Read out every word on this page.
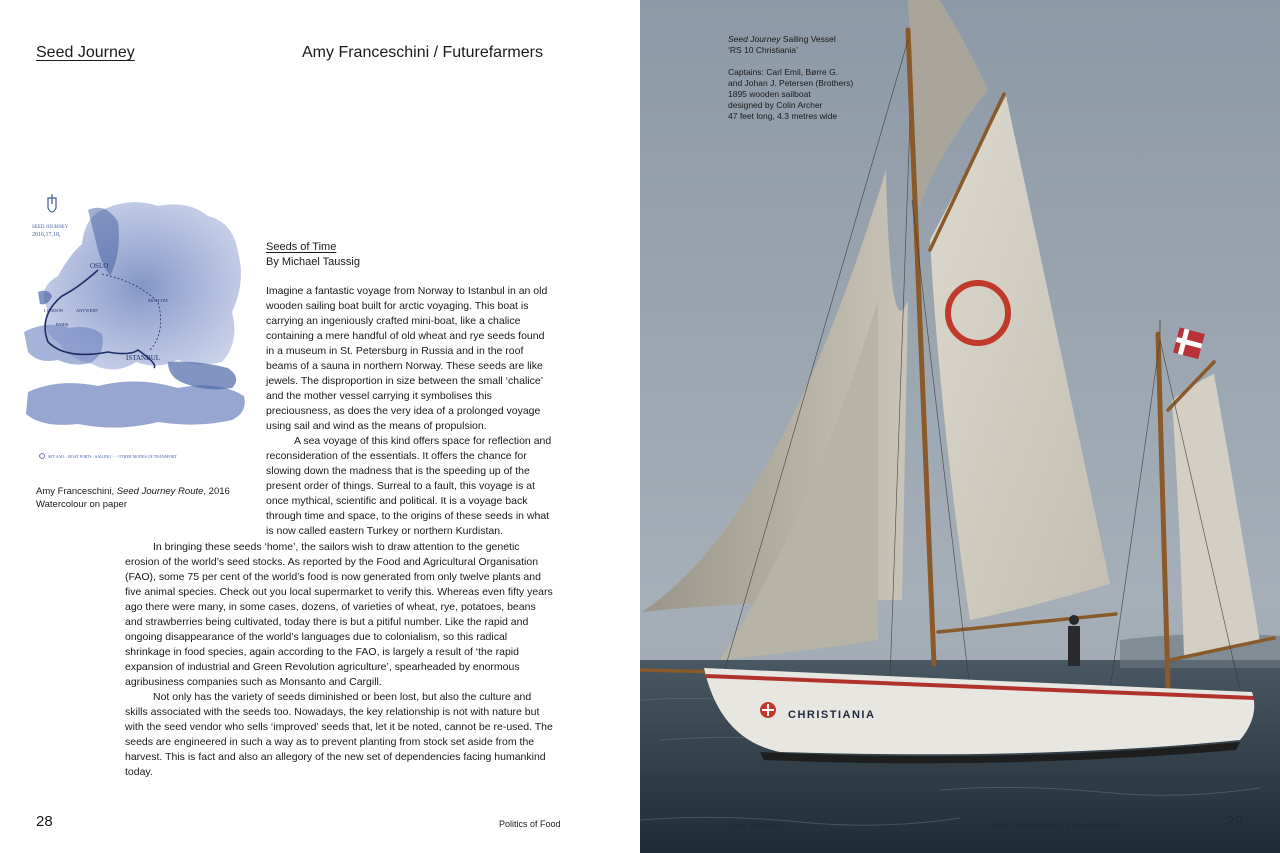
Seed Journey	Amy Franceschini / Futurefarmers
SEED JOURNEY
2016,17,18,
OSLO
MOSCOW
ANTWERP
LONDON
PARIS
ISTANBUL
SET SAIL · BOAT PORTS · SAILING ···· OTHER MODES OF TRANSPORT
Amy Franceschini, Seed Journey Route, 2016
Watercolour on paper
Seeds of Time
By Michael Taussig

Imagine a fantastic voyage from Norway to Istanbul in an old wooden sailing boat built for arctic voyaging. This boat is carrying an ingeniously crafted mini-boat, like a chalice containing a mere handful of old wheat and rye seeds found in a museum in St. Petersburg in Russia and in the roof beams of a sauna in northern Norway. These seeds are like jewels. The disproportion in size between the small ‘chalice’ and the mother vessel carrying it symbolises this preciousness, as does the very idea of a prolonged voyage using sail and wind as the means of propulsion.

A sea voyage of this kind offers space for reflection and reconsideration of the essentials. It offers the chance for slowing down the madness that is the speeding up of the present order of things. Surreal to a fault, this voyage is at once mythical, scientific and political. It is a voyage back through time and space, to the origins of these seeds in what is now called eastern Turkey or northern Kurdistan.

In bringing these seeds ‘home’, the sailors wish to draw attention to the genetic erosion of the world’s seed stocks. As reported by the Food and Agricultural Organisation (FAO), some 75 per cent of the world’s food is now generated from only twelve plants and five animal species. Check out you local supermarket to verify this. Whereas even fifty years ago there were many, in some cases, dozens, of varieties of wheat, rye, potatoes, beans and strawberries being cultivated, today there is but a pitiful number. Like the rapid and ongoing disappearance of the world’s languages due to colonialism, so this radical shrinkage in food species, again according to the FAO, is largely a result of ‘the rapid expansion of industrial and Green Revolution agriculture’, spearheaded by enormous agribusiness companies such as Monsanto and Cargill.

Not only has the variety of seeds diminished or been lost, but also the culture and skills associated with the seeds too. Nowadays, the key relationship is not with nature but with the seed vendor who sells ‘improved’ seeds that, let it be noted, cannot be re-used. The seeds are engineered in such a way as to prevent planting from stock set aside from the harvest. This is fact and also an allegory of the new set of dependencies facing humankind today.

28	Politics of Food
CHRISTIANIA

Seed Journey Sailing Vessel

‘RS 10 Christiania’

Captains: Carl Emil, Børre G.

and Johan J. Petersen (Brothers)

1895 wooden sailboat

designed by Colin Archer

47 feet long, 4.3 metres wide

Food Journeys	Amy Franceschini / Futurefarmers	29
